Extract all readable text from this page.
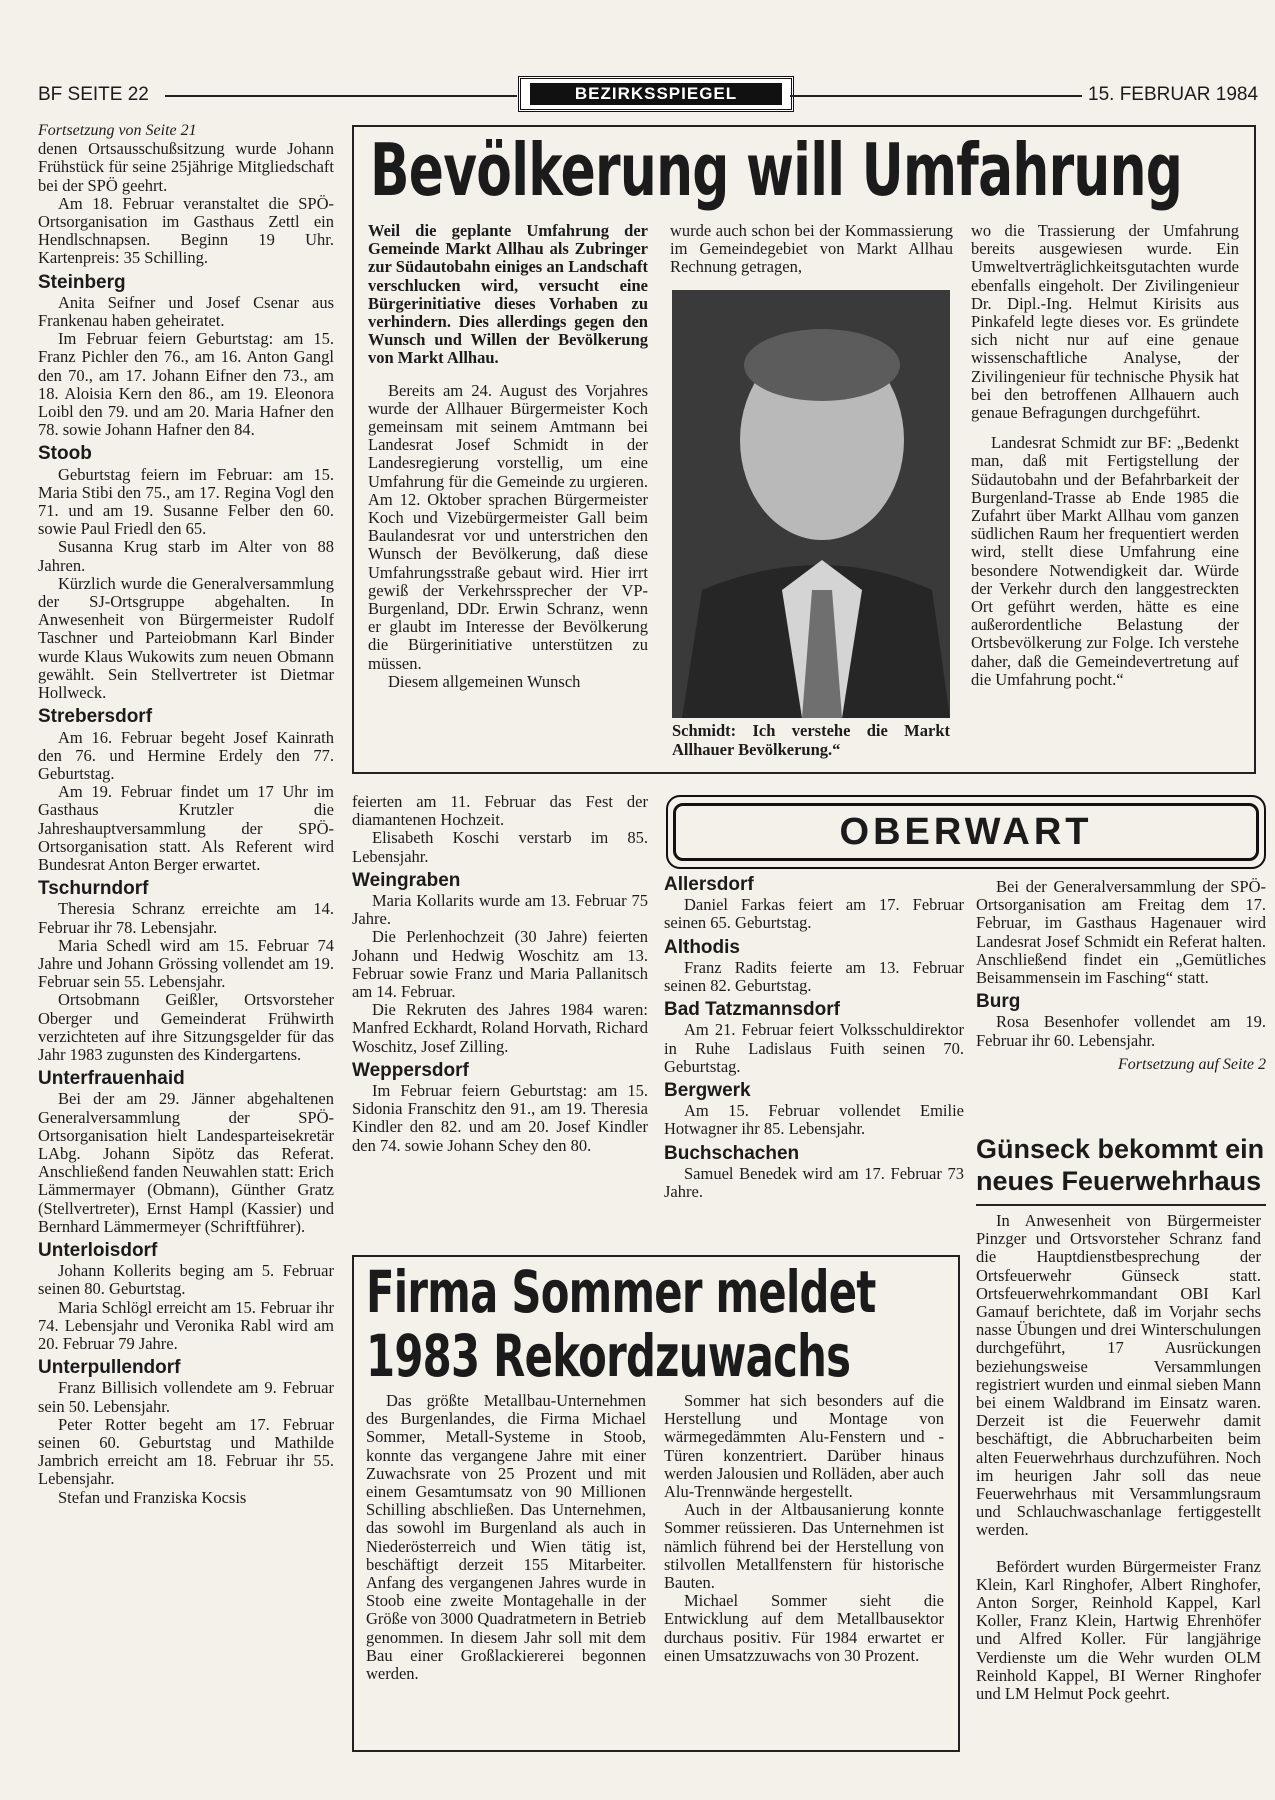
BF SEITE 22	BEZIRKSSPIEGEL	15. FEBRUAR 1984
Fortsetzung von Seite 21

denen Ortsausschußsitzung wurde Johann Frühstück für seine 25jährige Mitgliedschaft bei der SPÖ geehrt.

Am 18. Februar veranstaltet die SPÖ-Ortsorganisation im Gasthaus Zettl ein Hendlschnapsen. Beginn 19 Uhr. Kartenpreis: 35 Schilling.

Steinberg

Anita Seifner und Josef Csenar aus Frankenau haben geheiratet.

Im Februar feiern Geburtstag: am 15. Franz Pichler den 76., am 16. Anton Gangl den 70., am 17. Johann Eifner den 73., am 18. Aloisia Kern den 86., am 19. Eleonora Loibl den 79. und am 20. Maria Hafner den 78. sowie Johann Hafner den 84.

Stoob

Geburtstag feiern im Februar: am 15. Maria Stibi den 75., am 17. Regina Vogl den 71. und am 19. Susanne Felber den 60. sowie Paul Friedl den 65.

Susanna Krug starb im Alter von 88 Jahren.

Kürzlich wurde die Generalversammlung der SJ-Ortsgruppe abgehalten. In Anwesenheit von Bürgermeister Rudolf Taschner und Parteiobmann Karl Binder wurde Klaus Wukowits zum neuen Obmann gewählt. Sein Stellvertreter ist Dietmar Hollweck.

Strebersdorf

Am 16. Februar begeht Josef Kainrath den 76. und Hermine Erdely den 77. Geburtstag.

Am 19. Februar findet um 17 Uhr im Gasthaus Krutzler die Jahreshauptversammlung der SPÖ-Ortsorganisation statt. Als Referent wird Bundesrat Anton Berger erwartet.

Tschurndorf

Theresia Schranz erreichte am 14. Februar ihr 78. Lebensjahr.

Maria Schedl wird am 15. Februar 74 Jahre und Johann Grössing vollendet am 19. Februar sein 55. Lebensjahr.

Ortsobmann Geißler, Ortsvorsteher Oberger und Gemeinderat Frühwirth verzichteten auf ihre Sitzungsgelder für das Jahr 1983 zugunsten des Kindergartens.

Unterfrauenhaid

Bei der am 29. Jänner abgehaltenen Generalversammlung der SPÖ-Ortsorganisation hielt Landesparteisekretär LAbg. Johann Sipötz das Referat. Anschließend fanden Neuwahlen statt: Erich Lämmermayer (Obmann), Günther Gratz (Stellvertreter), Ernst Hampl (Kassier) und Bernhard Lämmermeyer (Schriftführer).

Unterloisdorf

Johann Kollerits beging am 5. Februar seinen 80. Geburtstag.

Maria Schlögl erreicht am 15. Februar ihr 74. Lebensjahr und Veronika Rabl wird am 20. Februar 79 Jahre.

Unterpullendorf

Franz Billisich vollendete am 9. Februar sein 50. Lebensjahr.

Peter Rotter begeht am 17. Februar seinen 60. Geburtstag und Mathilde Jambrich erreicht am 18. Februar ihr 55. Lebensjahr.

Stefan und Franziska Kocsis

Bevölkerung will Umfahrung

Weil die geplante Umfahrung der Gemeinde Markt Allhau als Zubringer zur Südautobahn einiges an Landschaft verschlucken wird, versucht eine Bürgerinitiative dieses Vorhaben zu verhindern. Dies allerdings gegen den Wunsch und Willen der Bevölkerung von Markt Allhau.

Bereits am 24. August des Vorjahres wurde der Allhauer Bürgermeister Koch gemeinsam mit seinem Amtmann bei Landesrat Josef Schmidt in der Landesregierung vorstellig, um eine Umfahrung für die Gemeinde zu urgieren. Am 12. Oktober sprachen Bürgermeister Koch und Vizebürgermeister Gall beim Baulandesrat vor und unterstrichen den Wunsch der Bevölkerung, daß diese Umfahrungsstraße gebaut wird. Hier irrt gewiß der Verkehrssprecher der VP-Burgenland, DDr. Erwin Schranz, wenn er glaubt im Interesse der Bevölkerung die Bürgerinitiative unterstützen zu müssen.

Diesem allgemeinen Wunsch

wurde auch schon bei der Kommassierung im Gemeindegebiet von Markt Allhau Rechnung getragen,

Schmidt: Ich verstehe die Markt Allhauer Bevölkerung.“

wo die Trassierung der Umfahrung bereits ausgewiesen wurde. Ein Umweltverträglichkeitsgutachten wurde ebenfalls eingeholt. Der Zivilingenieur Dr. Dipl.-Ing. Helmut Kirisits aus Pinkafeld legte dieses vor. Es gründete sich nicht nur auf eine genaue wissenschaftliche Analyse, der Zivilingenieur für technische Physik hat bei den betroffenen Allhauern auch genaue Befragungen durchgeführt.

Landesrat Schmidt zur BF: „Bedenkt man, daß mit Fertigstellung der Südautobahn und der Befahrbarkeit der Burgenland-Trasse ab Ende 1985 die Zufahrt über Markt Allhau vom ganzen südlichen Raum her frequentiert werden wird, stellt diese Umfahrung eine besondere Notwendigkeit dar. Würde der Verkehr durch den langgestreckten Ort geführt werden, hätte es eine außerordentliche Belastung der Ortsbevölkerung zur Folge. Ich verstehe daher, daß die Gemeindevertretung auf die Umfahrung pocht.“

feierten am 11. Februar das Fest der diamantenen Hochzeit.

Elisabeth Koschi verstarb im 85. Lebensjahr.

Weingraben

Maria Kollarits wurde am 13. Februar 75 Jahre.

Die Perlenhochzeit (30 Jahre) feierten Johann und Hedwig Woschitz am 13. Februar sowie Franz und Maria Pallanitsch am 14. Februar.

Die Rekruten des Jahres 1984 waren: Manfred Eckhardt, Roland Horvath, Richard Woschitz, Josef Zilling.

Weppersdorf

Im Februar feiern Geburtstag: am 15. Sidonia Franschitz den 91., am 19. Theresia Kindler den 82. und am 20. Josef Kindler den 74. sowie Johann Schey den 80.

OBERWART
Allersdorf

Daniel Farkas feiert am 17. Februar seinen 65. Geburtstag.

Althodis

Franz Radits feierte am 13. Februar seinen 82. Geburtstag.

Bad Tatzmannsdorf

Am 21. Februar feiert Volksschuldirektor in Ruhe Ladislaus Fuith seinen 70. Geburtstag.

Bergwerk

Am 15. Februar vollendet Emilie Hotwagner ihr 85. Lebensjahr.

Buchschachen

Samuel Benedek wird am 17. Februar 73 Jahre.

Bei der Generalversammlung der SPÖ-Ortsorganisation am Freitag dem 17. Februar, im Gasthaus Hagenauer wird Landesrat Josef Schmidt ein Referat halten. Anschließend findet ein „Gemütliches Beisammensein im Fasching“ statt.

Burg

Rosa Besenhofer vollendet am 19. Februar ihr 60. Lebensjahr.

Fortsetzung auf Seite 2
Günseck bekommt ein
neues Feuerwehrhaus

In Anwesenheit von Bürgermeister Pinzger und Ortsvorsteher Schranz fand die Hauptdienstbesprechung der Ortsfeuerwehr Günseck statt. Ortsfeuerwehrkommandant OBI Karl Gamauf berichtete, daß im Vorjahr sechs nasse Übungen und drei Winterschulungen durchgeführt, 17 Ausrückungen beziehungsweise Versammlungen registriert wurden und einmal sieben Mann bei einem Waldbrand im Einsatz waren. Derzeit ist die Feuerwehr damit beschäftigt, die Abbrucharbeiten beim alten Feuerwehrhaus durchzuführen. Noch im heurigen Jahr soll das neue Feuerwehrhaus mit Versammlungsraum und Schlauchwaschanlage fertiggestellt werden.

Befördert wurden Bürgermeister Franz Klein, Karl Ringhofer, Albert Ringhofer, Anton Sorger, Reinhold Kappel, Karl Koller, Franz Klein, Hartwig Ehrenhöfer und Alfred Koller. Für langjährige Verdienste um die Wehr wurden OLM Reinhold Kappel, BI Werner Ringhofer und LM Helmut Pock geehrt.

Firma Sommer meldet
1983 Rekordzuwachs

Das größte Metallbau-Unternehmen des Burgenlandes, die Firma Michael Sommer, Metall-Systeme in Stoob, konnte das vergangene Jahre mit einer Zuwachsrate von 25 Prozent und mit einem Gesamtumsatz von 90 Millionen Schilling abschließen. Das Unternehmen, das sowohl im Burgenland als auch in Niederösterreich und Wien tätig ist, beschäftigt derzeit 155 Mitarbeiter. Anfang des vergangenen Jahres wurde in Stoob eine zweite Montagehalle in der Größe von 3000 Quadratmetern in Betrieb genommen. In diesem Jahr soll mit dem Bau einer Großlackiererei begonnen werden.

Sommer hat sich besonders auf die Herstellung und Montage von wärmegedämmten Alu-Fenstern und -Türen konzentriert. Darüber hinaus werden Jalousien und Rolläden, aber auch Alu-Trennwände hergestellt.

Auch in der Altbausanierung konnte Sommer reüssieren. Das Unternehmen ist nämlich führend bei der Herstellung von stilvollen Metallfenstern für historische Bauten.

Michael Sommer sieht die Entwicklung auf dem Metallbausektor durchaus positiv. Für 1984 erwartet er einen Umsatzzuwachs von 30 Prozent.
